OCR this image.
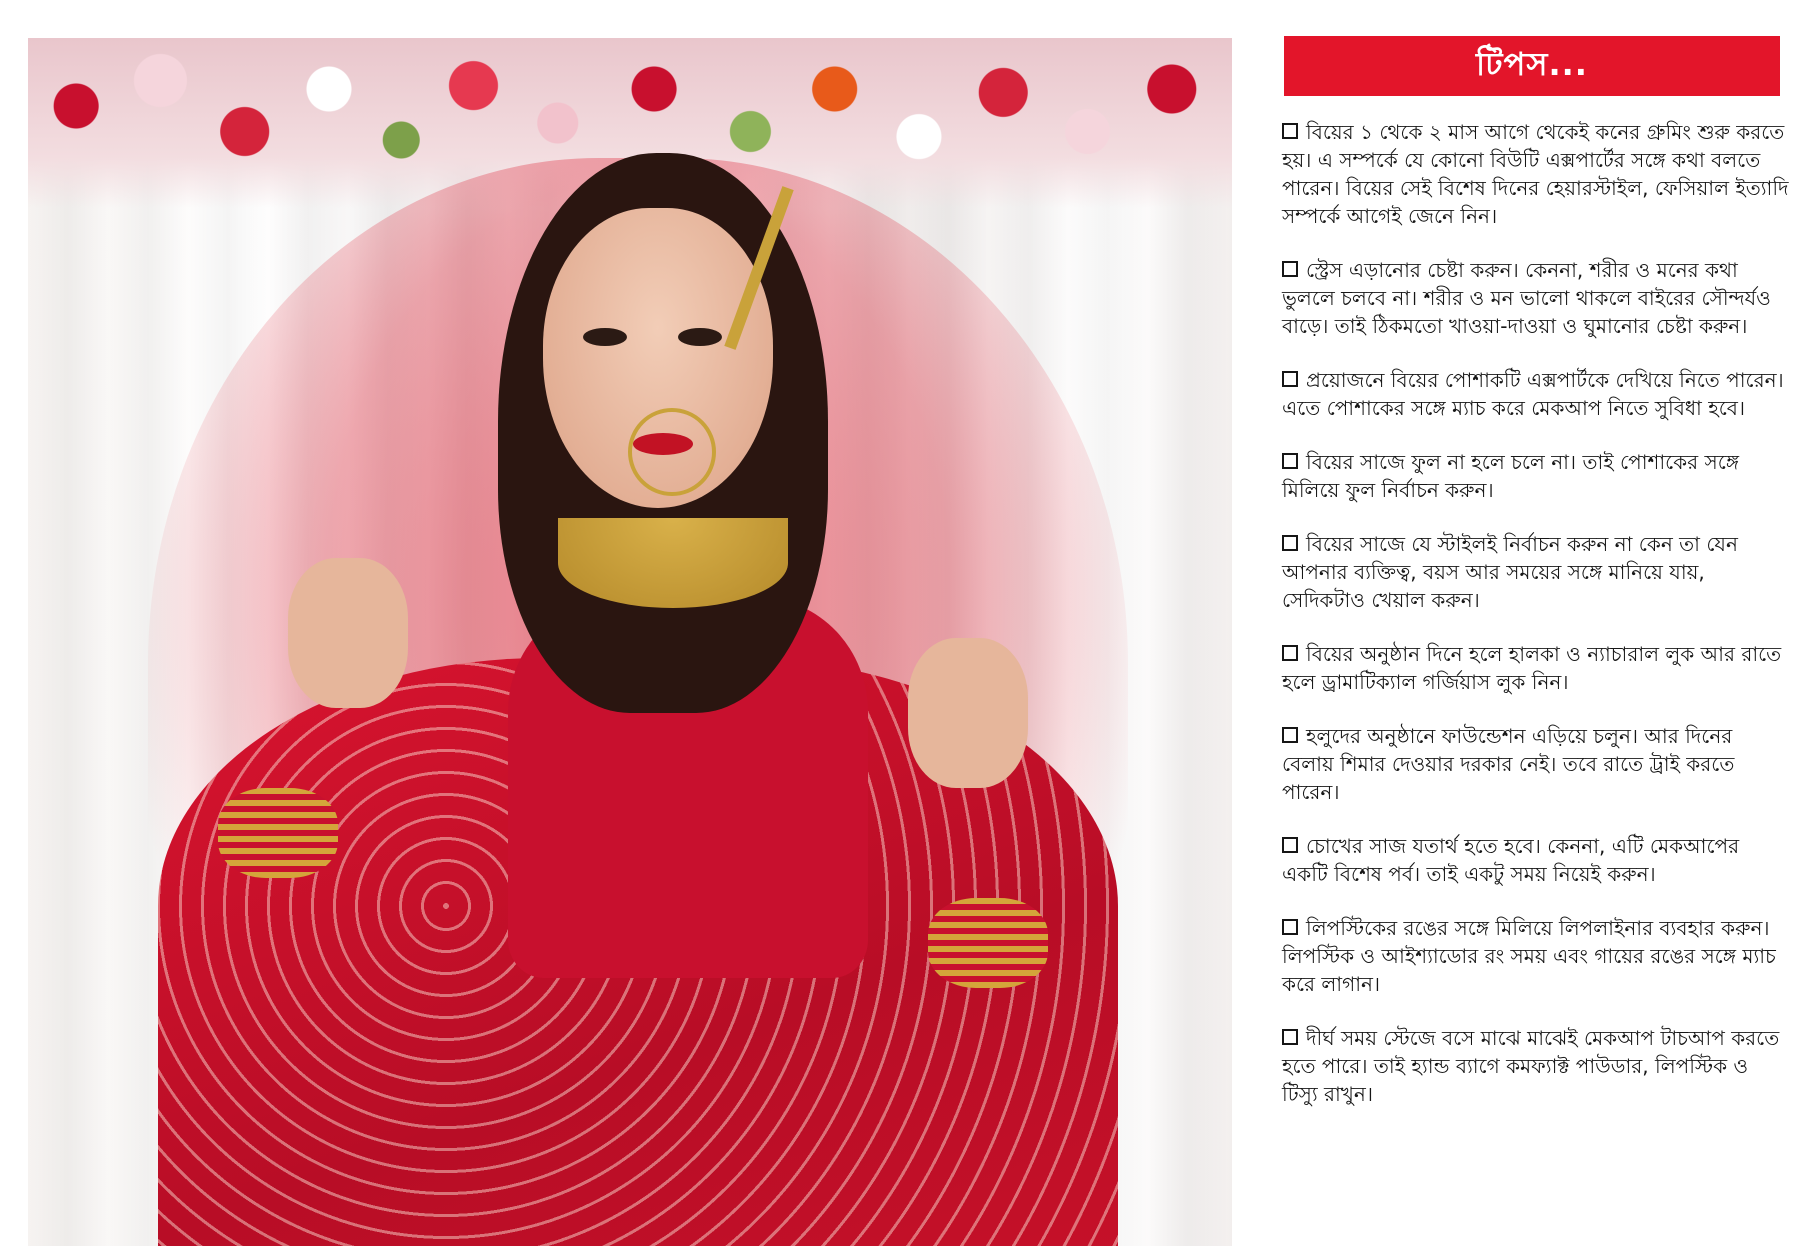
টিপস...
বিয়ের ১ থেকে ২ মাস আগে থেকেই কনের গ্রুমিং শুরু করতে হয়। এ সম্পর্কে যে কোনো বিউটি এক্সপার্টের সঙ্গে কথা বলতে পারেন। বিয়ের সেই বিশেষ দিনের হেয়ারস্টাইল, ফেসিয়াল ইত্যাদি সম্পর্কে আগেই জেনে নিন।
স্ট্রেস এড়ানোর চেষ্টা করুন। কেননা, শরীর ও মনের কথা ভুললে চলবে না। শরীর ও মন ভালো থাকলে বাইরের সৌন্দর্যও বাড়ে। তাই ঠিকমতো খাওয়া-দাওয়া ও ঘুমানোর চেষ্টা করুন।
প্রয়োজনে বিয়ের পোশাকটি এক্সপার্টকে দেখিয়ে নিতে পারেন। এতে পোশাকের সঙ্গে ম্যাচ করে মেকআপ নিতে সুবিধা হবে।
বিয়ের সাজে ফুল না হলে চলে না। তাই পোশাকের সঙ্গে মিলিয়ে ফুল নির্বাচন করুন।
বিয়ের সাজে যে স্টাইলই নির্বাচন করুন না কেন তা যেন আপনার ব্যক্তিত্ব, বয়স আর সময়ের সঙ্গে মানিয়ে যায়, সেদিকটাও খেয়াল করুন।
বিয়ের অনুষ্ঠান দিনে হলে হালকা ও ন্যাচারাল লুক আর রাতে হলে ড্রামাটিক্যাল গর্জিয়াস লুক নিন।
হলুদের অনুষ্ঠানে ফাউন্ডেশন এড়িয়ে চলুন। আর দিনের বেলায় শিমার দেওয়ার দরকার নেই। তবে রাতে ট্রাই করতে পারেন।
চোখের সাজ যতার্থ হতে হবে। কেননা, এটি মেকআপের একটি বিশেষ পর্ব। তাই একটু সময় নিয়েই করুন।
লিপস্টিকের রঙের সঙ্গে মিলিয়ে লিপলাইনার ব্যবহার করুন। লিপস্টিক ও আইশ্যাডোর রং সময় এবং গায়ের রঙের সঙ্গে ম্যাচ করে লাগান।
দীর্ঘ সময় স্টেজে বসে মাঝে মাঝেই মেকআপ টাচআপ করতে হতে পারে। তাই হ্যান্ড ব্যাগে কমফ্যাক্ট পাউডার, লিপস্টিক ও টিস্যু রাখুন।
